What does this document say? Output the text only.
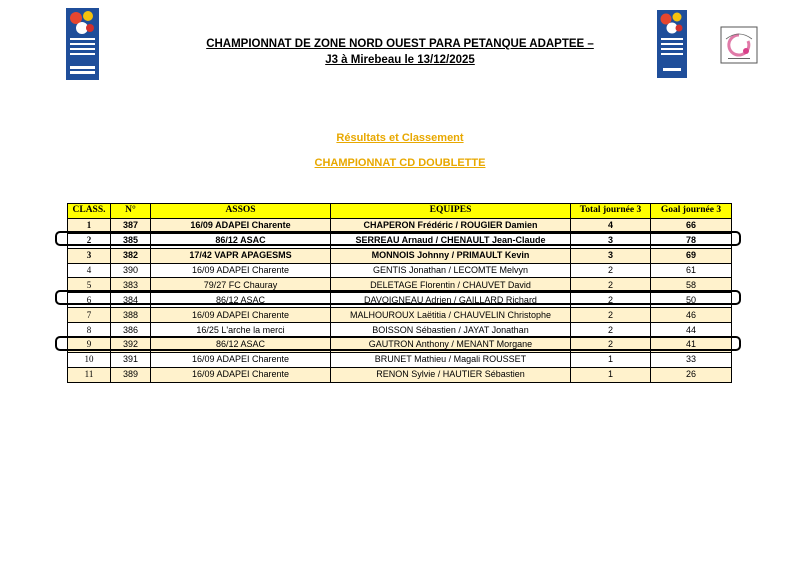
CHAMPIONNAT DE ZONE NORD OUEST PARA PETANQUE ADAPTEE –
J3 à Mirebeau le 13/12/2025
Résultats et Classement
CHAMPIONNAT CD DOUBLETTE
CLASS.	N°	ASSOS	EQUIPES	Total journée 3	Goal journée 3
1	387	16/09 ADAPEI Charente	CHAPERON Frédéric / ROUGIER Damien	4	66
2	385	86/12 ASAC	SERREAU Arnaud / CHENAULT Jean-Claude	3	78
3	382	17/42 VAPR APAGESMS	MONNOIS Johnny / PRIMAULT Kevin	3	69
4	390	16/09 ADAPEI Charente	GENTIS Jonathan / LECOMTE Melvyn	2	61
5	383	79/27 FC Chauray	DELETAGE Florentin / CHAUVET David	2	58
6	384	86/12 ASAC	DAVOIGNEAU Adrien / GAILLARD Richard	2	50
7	388	16/09 ADAPEI Charente	MALHOUROUX Laëtitia / CHAUVELIN Christophe	2	46
8	386	16/25 L'arche la merci	BOISSON Sébastien / JAYAT Jonathan	2	44
9	392	86/12 ASAC	GAUTRON Anthony / MENANT Morgane	2	41
10	391	16/09 ADAPEI Charente	BRUNET Mathieu / Magali ROUSSET	1	33
11	389	16/09 ADAPEI Charente	RENON Sylvie / HAUTIER Sébastien	1	26
